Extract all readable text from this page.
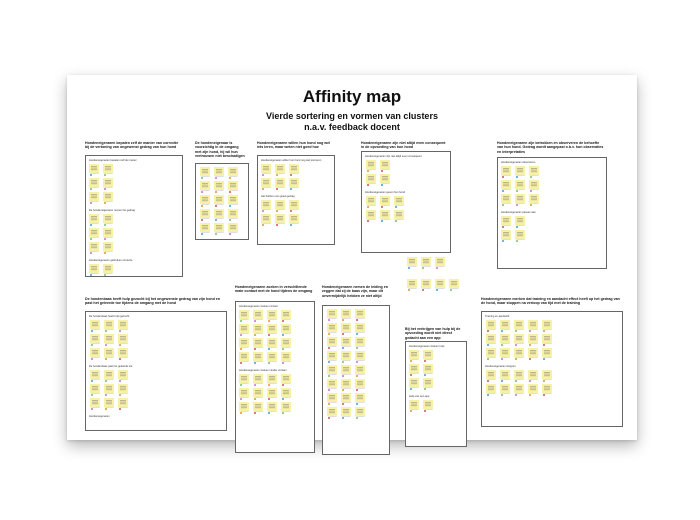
Affinity map
Vierde sortering en vormen van clusters
n.a.v. feedback docent
Hondeneigenaren bepalen zelf de manier van correctie bij de vertoning van ongewenst gedrag van hun hond
Hondeneigenaren bepalen zelf de manier
De hondeneigenaren nemen het gedrag
Hondeneigenaren gebruiken correctie
De hondeneigenaar is voorzichtig in de omgang met zijn hond, hij wil hun vertrouwen niet beschadigen
Hondeneigenaren willen hun hond nog wel iets leren, maar weten niet goed hoe
Hondeneigenaren willen hun hond nog wel iets leren
Het hebben van goed gedrag
Hondeneigenaren zijn niet altijd even consequent in de opvoeding van hun hond
Hondeneigenaren zijn niet altijd even consequent
Hondeneigenaren geven hun hond
Hondeneigenaren zijn betrokken en observeren de behoefte van hun hond. Gedrag wordt aangepast o.b.v. hun observaties en interpretaties
Hondeneigenaren observeren
Hondeneigenaren passen aan
De hondenbaas heeft hulp gezocht bij het ongewenste gedrag van zijn hond en past het geleerde toe tijdens de omgang met de hond
De hondenbaas heeft hulp gezocht
De hondenbaas past het geleerde toe
Hondeneigenaren
Hondeneigenaren zoeken in verschillende mate contact met de hond tijdens de omgang
Hondeneigenaren zoeken contact
Hondeneigenaren zoeken minder contact
Hondeneigenaren nemen de leiding en zeggen dat zij de baas zijn, maar dit onvermijdelijk hebben ze niet altijd
Bij het verkrijgen van hulp bij de opvoeding wordt niet direct gedacht aan een app
Hondeneigenaren zoeken hulp
Hulp van een app
Hondeneigenaren merken dat training en aandacht effect heeft op het gedrag van de hond, maar stoppen na verloop van tijd met de training
Training en aandacht
Hondeneigenaren stoppen
